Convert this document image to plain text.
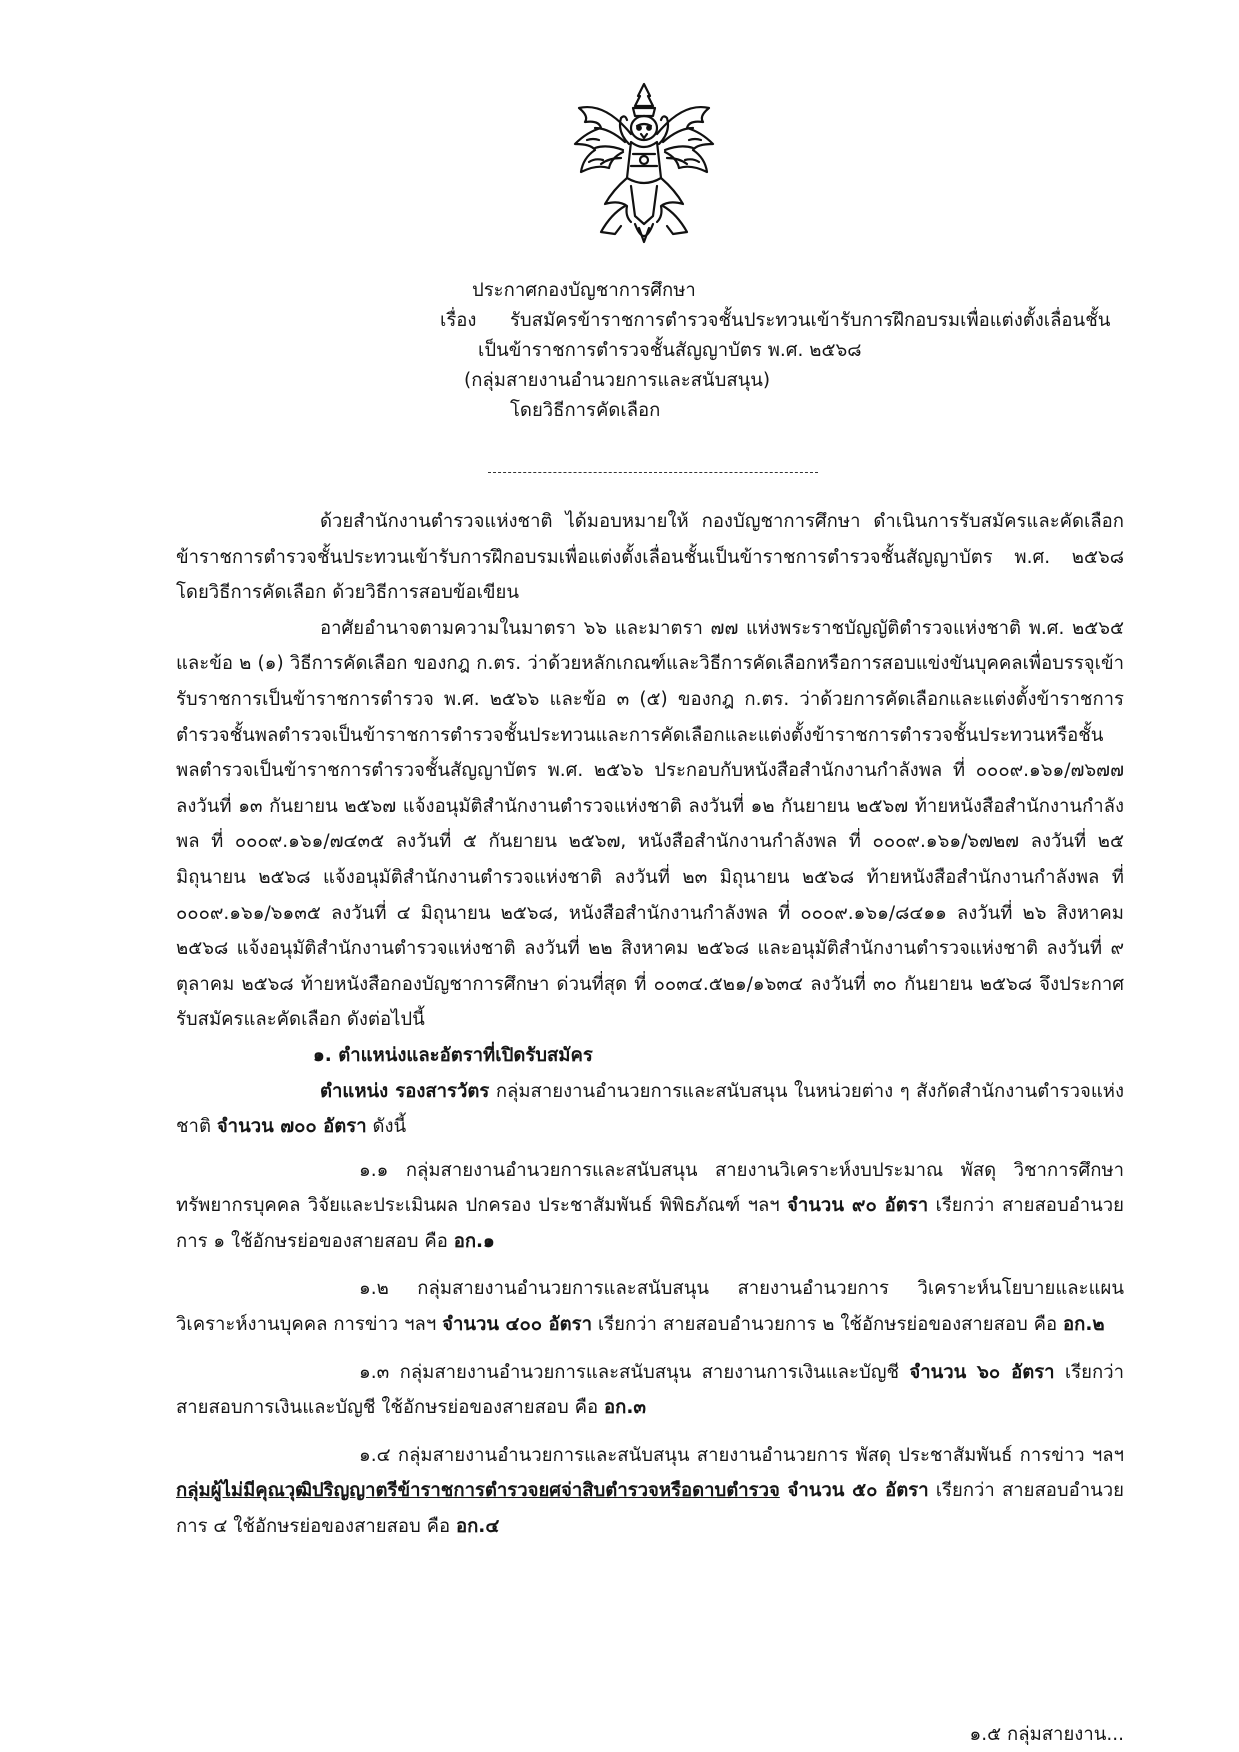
ประกาศกองบัญชาการศึกษา
เรื่อง รับสมัครข้าราชการตำรวจชั้นประทวนเข้ารับการฝึกอบรมเพื่อแต่งตั้งเลื่อนชั้น
เป็นข้าราชการตำรวจชั้นสัญญาบัตร พ.ศ. ๒๕๖๘
(กลุ่มสายงานอำนวยการและสนับสนุน)
โดยวิธีการคัดเลือก

ด้วยสำนักงานตำรวจแห่งชาติ ได้มอบหมายให้ กองบัญชาการศึกษา ดำเนินการรับสมัครและคัดเลือกข้าราชการตำรวจชั้นประทวนเข้ารับการฝึกอบรมเพื่อแต่งตั้งเลื่อนชั้นเป็นข้าราชการตำรวจชั้นสัญญาบัตร พ.ศ. ๒๕๖๘ โดยวิธีการคัดเลือก ด้วยวิธีการสอบข้อเขียน

อาศัยอำนาจตามความในมาตรา ๖๖ และมาตรา ๗๗ แห่งพระราชบัญญัติตำรวจแห่งชาติ พ.ศ. ๒๕๖๕ และข้อ ๒ (๑) วิธีการคัดเลือก ของกฎ ก.ตร. ว่าด้วยหลักเกณฑ์และวิธีการคัดเลือกหรือการสอบแข่งขันบุคคลเพื่อบรรจุเข้ารับราชการเป็นข้าราชการตำรวจ พ.ศ. ๒๕๖๖ และข้อ ๓ (๕) ของกฎ ก.ตร. ว่าด้วยการคัดเลือกและแต่งตั้งข้าราชการตำรวจชั้นพลตำรวจเป็นข้าราชการตำรวจชั้นประทวนและการคัดเลือกและแต่งตั้งข้าราชการตำรวจชั้นประทวนหรือชั้นพลตำรวจเป็นข้าราชการตำรวจชั้นสัญญาบัตร พ.ศ. ๒๕๖๖ ประกอบกับหนังสือสำนักงานกำลังพล ที่ ๐๐๐๙.๑๖๑/๗๖๗๗ ลงวันที่ ๑๓ กันยายน ๒๕๖๗ แจ้งอนุมัติสำนักงานตำรวจแห่งชาติ ลงวันที่ ๑๒ กันยายน ๒๕๖๗ ท้ายหนังสือสำนักงานกำลังพล ที่ ๐๐๐๙.๑๖๑/๗๔๓๕ ลงวันที่ ๕ กันยายน ๒๕๖๗, หนังสือสำนักงานกำลังพล ที่ ๐๐๐๙.๑๖๑/๖๗๒๗ ลงวันที่ ๒๕ มิถุนายน ๒๕๖๘ แจ้งอนุมัติสำนักงานตำรวจแห่งชาติ ลงวันที่ ๒๓ มิถุนายน ๒๕๖๘ ท้ายหนังสือสำนักงานกำลังพล ที่ ๐๐๐๙.๑๖๑/๖๑๓๕ ลงวันที่ ๔ มิถุนายน ๒๕๖๘, หนังสือสำนักงานกำลังพล ที่ ๐๐๐๙.๑๖๑/๘๔๑๑ ลงวันที่ ๒๖ สิงหาคม ๒๕๖๘ แจ้งอนุมัติสำนักงานตำรวจแห่งชาติ ลงวันที่ ๒๒ สิงหาคม ๒๕๖๘ และอนุมัติสำนักงานตำรวจแห่งชาติ ลงวันที่ ๙ ตุลาคม ๒๕๖๘ ท้ายหนังสือกองบัญชาการศึกษา ด่วนที่สุด ที่ ๐๐๓๔.๕๒๑/๑๖๓๔ ลงวันที่ ๓๐ กันยายน ๒๕๖๘ จึงประกาศรับสมัครและคัดเลือก ดังต่อไปนี้

๑. ตำแหน่งและอัตราที่เปิดรับสมัคร

ตำแหน่ง รองสารวัตร กลุ่มสายงานอำนวยการและสนับสนุน ในหน่วยต่าง ๆ สังกัดสำนักงานตำรวจแห่งชาติ จำนวน ๗๐๐ อัตรา ดังนี้

๑.๑ กลุ่มสายงานอำนวยการและสนับสนุน สายงานวิเคราะห์งบประมาณ พัสดุ วิชาการศึกษา ทรัพยากรบุคคล วิจัยและประเมินผล ปกครอง ประชาสัมพันธ์ พิพิธภัณฑ์ ฯลฯ จำนวน ๙๐ อัตรา เรียกว่า สายสอบอำนวยการ ๑ ใช้อักษรย่อของสายสอบ คือ อก.๑

๑.๒ กลุ่มสายงานอำนวยการและสนับสนุน สายงานอำนวยการ วิเคราะห์นโยบายและแผน วิเคราะห์งานบุคคล การข่าว ฯลฯ จำนวน ๔๐๐ อัตรา เรียกว่า สายสอบอำนวยการ ๒ ใช้อักษรย่อของสายสอบ คือ อก.๒

๑.๓ กลุ่มสายงานอำนวยการและสนับสนุน สายงานการเงินและบัญชี จำนวน ๖๐ อัตรา เรียกว่า สายสอบการเงินและบัญชี ใช้อักษรย่อของสายสอบ คือ อก.๓

๑.๔ กลุ่มสายงานอำนวยการและสนับสนุน สายงานอำนวยการ พัสดุ ประชาสัมพันธ์ การข่าว ฯลฯ กลุ่มผู้ไม่มีคุณวุฒิปริญญาตรีข้าราชการตำรวจยศจ่าสิบตำรวจหรือดาบตำรวจ จำนวน ๕๐ อัตรา เรียกว่า สายสอบอำนวยการ ๔ ใช้อักษรย่อของสายสอบ คือ อก.๔

๑.๕ กลุ่มสายงาน...
